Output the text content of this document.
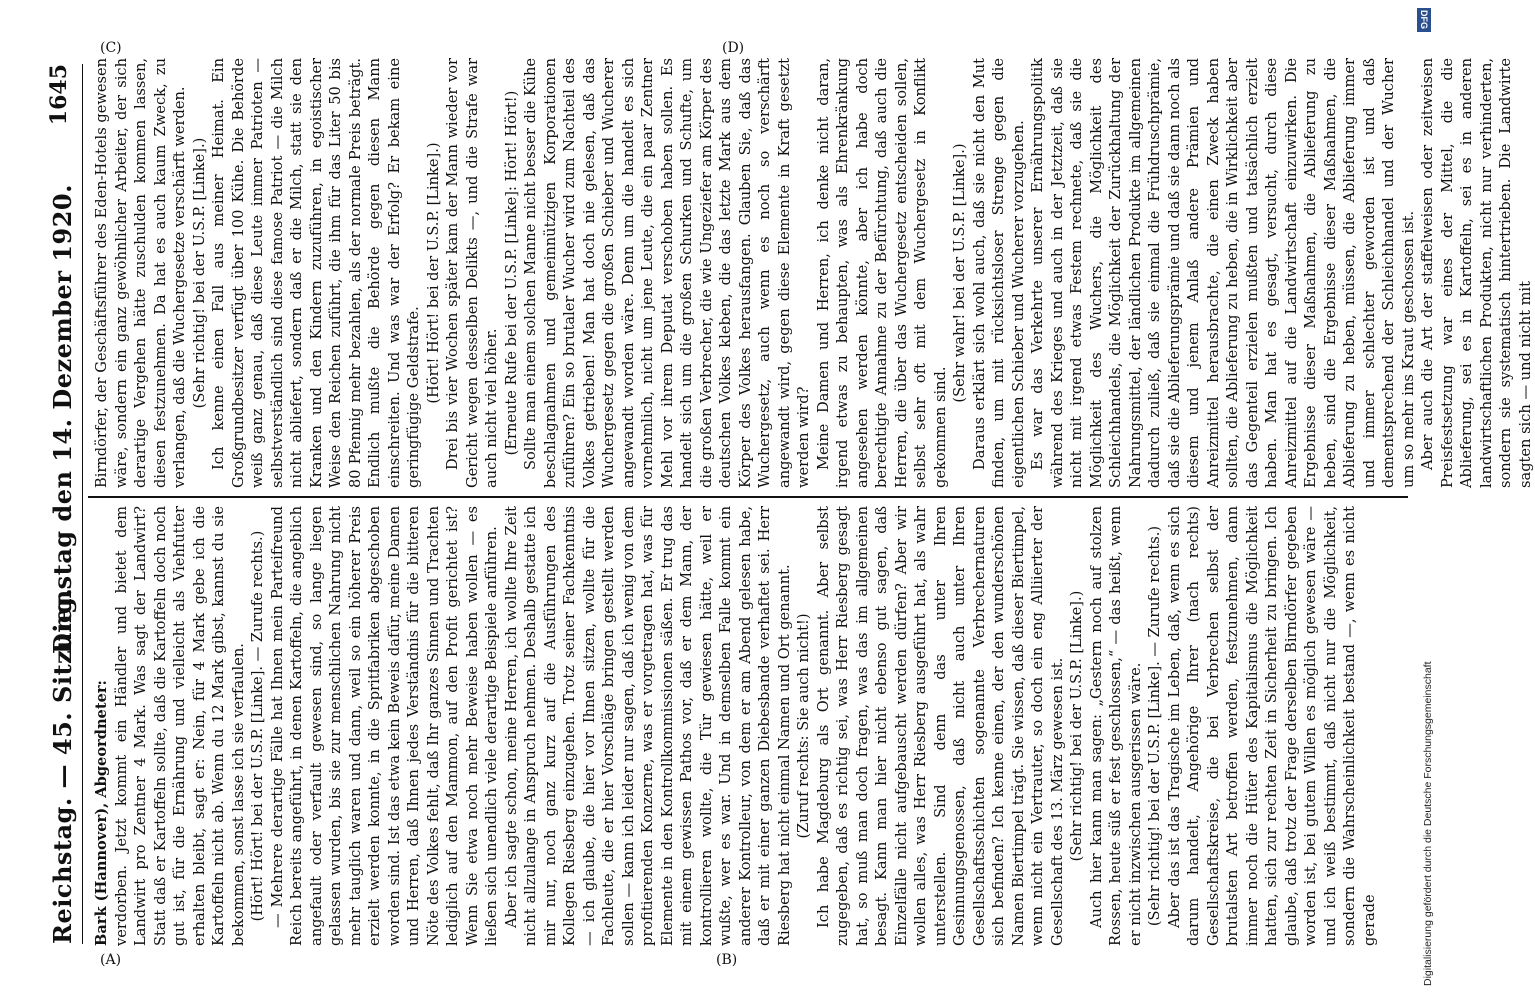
Reichstag. — 45. Sitzung.
Dienstag den 14. Dezember 1920.
1645

Bark (Hannover), Abgeordneter: verdorben. Jetzt kommt ein Händler und bietet dem Landwirt pro Zentner 4 Mark. Was sagt der Landwirt? Statt daß er Kartoffeln sollte, daß die Kartoffeln doch noch gut ist, für die Ernährung und vielleicht als Viehfutter erhalten bleibt, sagt er: Nein, für 4 Mark gebe ich die Kartoffeln nicht ab. Wenn du 12 Mark gibst, kannst du sie bekommen, sonst lasse ich sie verfaulen. (Hört! Hört! bei der U.S.P. [Linke]. — Zurufe rechts.) — Mehrere derartige Fälle hat Ihnen mein Parteifreund Reich bereits angeführt, in denen Kartoffeln, die angeblich angefault oder verfault gewesen sind, so lange liegen gelassen wurden, bis sie zur menschlichen Nahrung nicht mehr tauglich waren und dann, weil so ein höherer Preis erzielt werden konnte, in die Spritfabriken abgeschoben worden sind. Ist das etwa kein Beweis dafür, meine Damen und Herren, daß Ihnen jedes Verständnis für die bitteren Nöte des Volkes fehlt, daß Ihr ganzes Sinnen und Trachten lediglich auf den Mammon, auf den Profit gerichtet ist? Wenn Sie etwa noch mehr Beweise haben wollen — es ließen sich unendlich viele derartige Beispiele anführen. Aber ich sagte schon, meine Herren, ich wollte Ihre Zeit nicht allzulange in Anspruch nehmen. Deshalb gestatte ich mir nur, noch ganz kurz auf die Ausführungen des Kollegen Riesberg einzugehen. Trotz seiner Fachkenntnis — ich glaube, die hier vor Ihnen sitzen, wollte für die Fachleute, die er hier Vorschläge bringen gestellt werden sollen — kann ich leider nur sagen, daß ich wenig von dem profitierenden Konzerne, was er vorgetragen hat, was für Elemente in den Kontrollkommissionen säßen. Er trug das mit einem gewissen Pathos vor, daß er dem Mann, der kontrollieren wollte, die Tür gewiesen hätte, weil er wußte, wer es war. Und in demselben Falle kommt ein anderer Kontrolleur, von dem er am Abend gelesen habe, daß er mit einer ganzen Diebesbande verhaftet sei. Herr Riesberg hat nicht einmal Namen und Ort genannt. (Zuruf rechts: Sie auch nicht!) Ich habe Magdeburg als Ort genannt. Aber selbst zugegeben, daß es richtig sei, was Herr Riesberg gesagt hat, so muß man doch fragen, was das im allgemeinen besagt. Kann man hier nicht ebenso gut sagen, daß Einzelfälle nicht aufgebauscht werden dürfen? Aber wir wollen alles, was Herr Riesberg ausgeführt hat, als wahr unterstellen. Sind denn das unter Ihren Gesinnungsgenossen, daß nicht auch unter Ihren Gesellschaftsschichten sogenannte Verbrechernaturen sich befinden? Ich kenne einen, der den wunderschönen Namen Biertimpel trägt. Sie wissen, daß dieser Biertimpel, wenn nicht ein Vertrauter, so doch ein eng Alliierter der Gesellschaft des 13. März gewesen ist. (Sehr richtig! bei der U.S.P. [Linke].) Auch hier kann man sagen: „Gestern noch auf stolzen Rossen, heute süß er fest geschlossen,“ — das heißt, wenn er nicht inzwischen ausgerissen wäre. (Sehr richtig! bei der U.S.P. [Linke]. — Zurufe rechts.) Aber das ist das Tragische im Leben, daß, wenn es sich darum handelt, Angehörige Ihrer (nach rechts) Gesellschaftskreise, die bei Verbrechen selbst der brutalsten Art betroffen werden, festzunehmen, dann immer noch die Hüter des Kapitalismus die Möglichkeit hatten, sich zur rechten Zeit in Sicherheit zu bringen. Ich glaube, daß trotz der Frage derselben Birndörfer gegeben worden ist, bei gutem Willen es möglich gewesen wäre — und ich weiß bestimmt, daß nicht nur die Möglichkeit, sondern die Wahrscheinlichkeit bestand —, wenn es nicht gerade

Birndörfer, der Geschäftsführer des Eden-Hotels gewesen wäre, sondern ein ganz gewöhnlicher Arbeiter, der sich derartige Vergehen hätte zuschulden kommen lassen, diesen festzunehmen. Da hat es auch kaum Zweck, zu verlangen, daß die Wuchergesetze verschärft werden. (Sehr richtig! bei der U.S.P. [Linke].) Ich kenne einen Fall aus meiner Heimat. Ein Großgrundbesitzer verfügt über 100 Kühe. Die Behörde weiß ganz genau, daß diese Leute immer Patrioten — selbstverständlich sind diese famose Patriot — die Milch nicht abliefert, sondern daß er die Milch, statt sie den Kranken und den Kindern zuzuführen, in egoistischer Weise den Reichen zuführt, die ihm für das Liter 50 bis 80 Pfennig mehr bezahlen, als der normale Preis beträgt. Endlich mußte die Behörde gegen diesen Mann einschreiten. Und was war der Erfolg? Er bekam eine geringfügige Geldstrafe. (Hört! Hört! bei der U.S.P. [Linke].) Drei bis vier Wochen später kam der Mann wieder vor Gericht wegen desselben Delikts —, und die Strafe war auch nicht viel höher. (Erneute Rufe bei der U.S.P. [Linke]: Hört! Hört!) Sollte man einem solchen Manne nicht besser die Kühe beschlagnahmen und gemeinnützigen Korporationen zuführen? Ein so brutaler Wucher wird zum Nachteil des Volkes getrieben! Man hat doch nie gelesen, daß das Wuchergesetz gegen die großen Schieber und Wucherer angewandt worden wäre. Denn um die handelt es sich vornehmlich, nicht um jene Leute, die ein paar Zentner Mehl vor ihrem Deputat verschoben haben sollen. Es handelt sich um die großen Schurken und Schufte, um die großen Verbrecher, die wie Ungeziefer am Körper des deutschen Volkes kleben, die das letzte Mark aus dem Körper des Volkes herausfangen. Glauben Sie, daß das Wuchergesetz, auch wenn es noch so verschärft angewandt wird, gegen diese Elemente in Kraft gesetzt werden wird? Meine Damen und Herren, ich denke nicht daran, irgend etwas zu behaupten, was als Ehrenkränkung angesehen werden könnte, aber ich habe doch berechtigte Annahme zu der Befürchtung, daß auch die Herren, die über das Wuchergesetz entscheiden sollen, selbst sehr oft mit dem Wuchergesetz in Konflikt gekommen sind.

(Sehr wahr! bei der U.S.P. [Linke].) Daraus erklärt sich wohl auch, daß sie nicht den Mut finden, um mit rücksichtsloser Strenge gegen die eigentlichen Schieber und Wucherer vorzugehen. Es war das Verkehrte unserer Ernährungspolitik während des Krieges und auch in der Jetztzeit, daß sie nicht mit irgend etwas Festem rechnete, daß sie die Möglichkeit des Wuchers, die Möglichkeit des Schleichhandels, die Möglichkeit der Zurückhaltung der Nahrungsmittel, der ländlichen Produkte im allgemeinen dadurch zuließ, daß sie einmal die Frühdruschprämie, daß sie die Ablieferungsprämie und daß sie dann noch als diesem und jenem Anlaß andere Prämien und Anreizmittel herausbrachte, die einen Zweck haben sollten, die Ablieferung zu heben, die in Wirklichkeit aber das Gegenteil erzielen mußten und tatsächlich erzielt haben. Man hat es gesagt, versucht, durch diese Anreizmittel auf die Landwirtschaft einzuwirken. Die Ergebnisse dieser Maßnahmen, die Ablieferung zu heben, sind die Ergebnisse dieser Maßnahmen, die Ablieferung zu heben, müssen, die Ablieferung immer und immer schlechter geworden ist und daß dementsprechend der Schleichhandel und der Wucher um so mehr ins Kraut geschossen ist. Aber auch die Art der staffelweisen oder zeitweisen Preisfestsetzung war eines der Mittel, die die Ablieferung, sei es in Kartoffeln, sei es in anderen landwirtschaftlichen Produkten, nicht nur verhinderten, sondern sie systematisch hintertrieben. Die Landwirte sagten sich — und nicht mit

(A)	(B)
(C)	(D)
DFG
Digitalisierung gefördert durch die Deutsche Forschungsgemeinschaft
